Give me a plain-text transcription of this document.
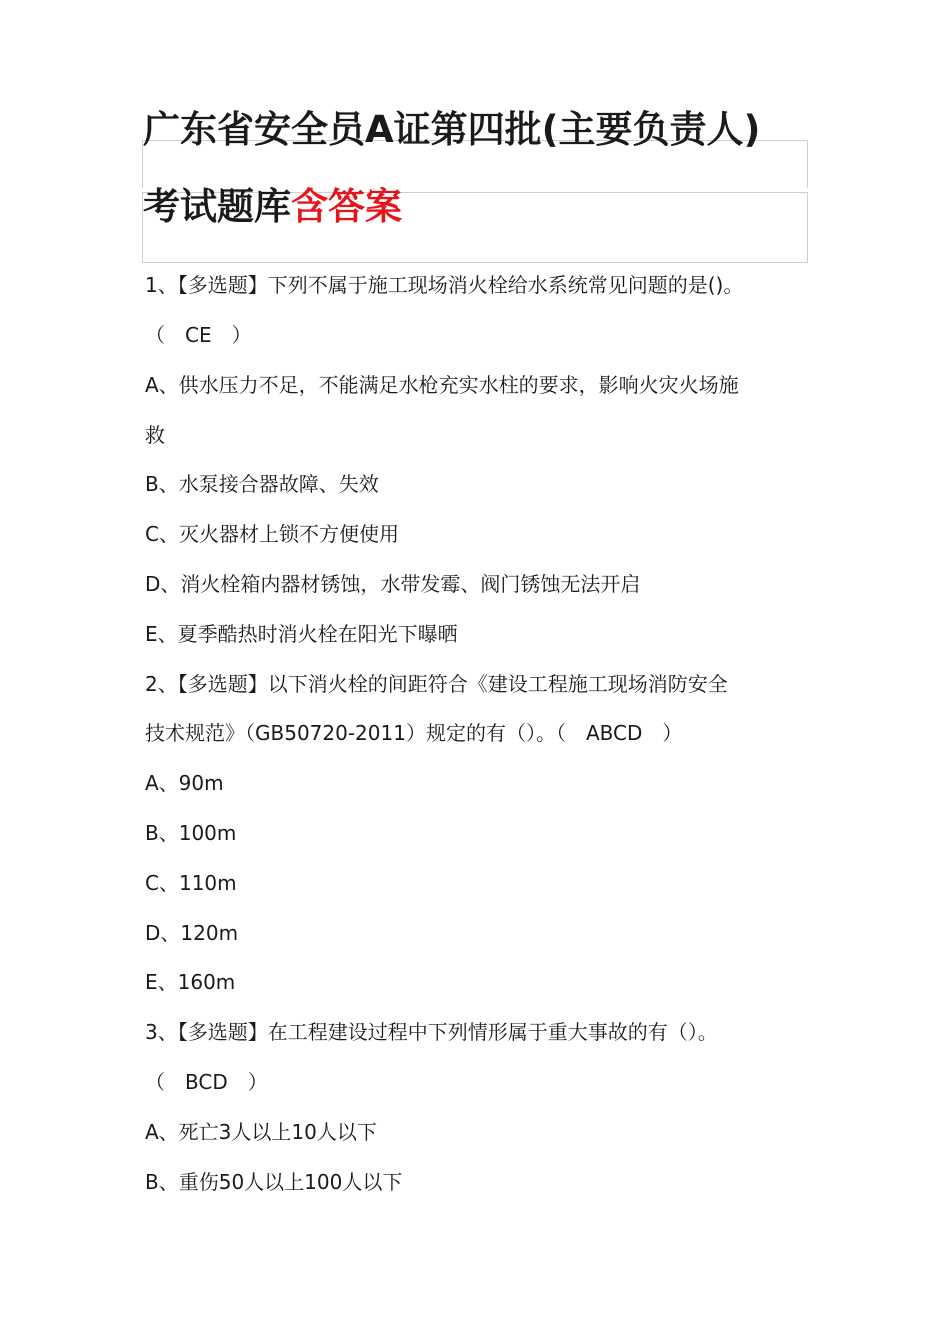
广东省安全员A证第四批(主要负责人)
考试题库含答案
1、【多选题】下列不属于施工现场消火栓给水系统常见问题的是()。
（　CE　）
A、供水压力不足，不能满足水枪充实水柱的要求，影响火灾火场施
救
B、水泵接合器故障、失效
C、灭火器材上锁不方便使用
D、消火栓箱内器材锈蚀，水带发霉、阀门锈蚀无法开启
E、夏季酷热时消火栓在阳光下曝晒
2、【多选题】以下消火栓的间距符合《建设工程施工现场消防安全
技术规范》（GB50720-2011）规定的有（）。（　ABCD　）
A、90m
B、100m
C、110m
D、120m
E、160m
3、【多选题】在工程建设过程中下列情形属于重大事故的有（）。
（　BCD　）
A、死亡3人以上10人以下
B、重伤50人以上100人以下
